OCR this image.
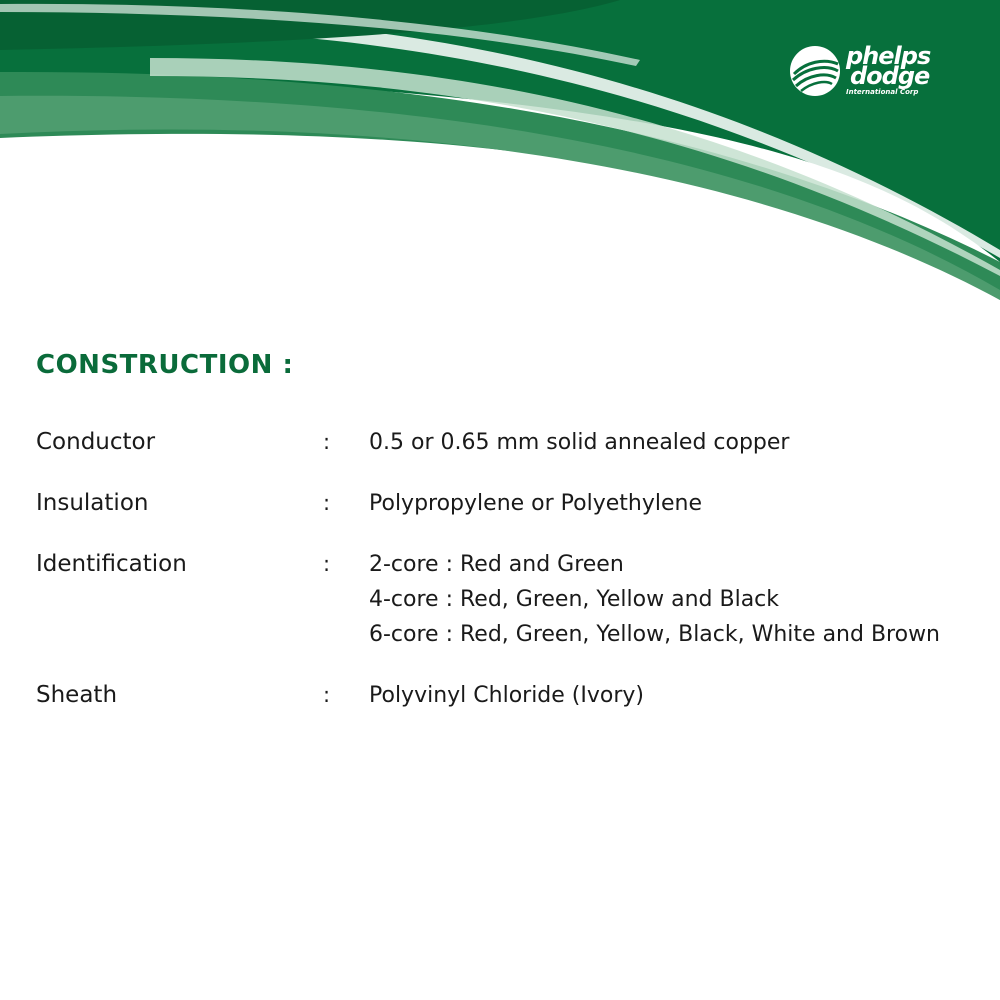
phelps
dodge
International Corp
CONSTRUCTION :
Conductor	: 0.5 or 0.65 mm solid annealed copper
Insulation	: Polypropylene or Polyethylene
Identification	: 2-core : Red and Green
4-core : Red, Green, Yellow and Black
6-core : Red, Green, Yellow, Black, White and Brown
Sheath	: Polyvinyl Chloride (Ivory)
